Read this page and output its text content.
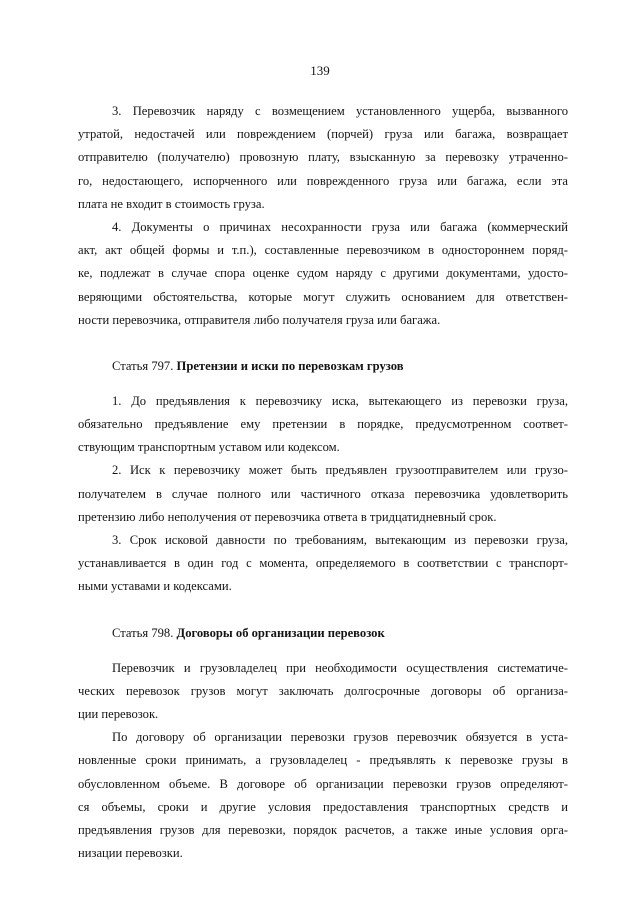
139
3. Перевозчик наряду с возмещением установленного ущерба, вызванного
утратой, недостачей или повреждением (порчей) груза или багажа, возвращает
отправителю (получателю) провозную плату, взысканную за перевозку утраченно-
го, недостающего, испорченного или поврежденного груза или багажа, если эта
плата не входит в стоимость груза.
4. Документы о причинах несохранности груза или багажа (коммерческий
акт, акт общей формы и т.п.), составленные перевозчиком в одностороннем поряд-
ке, подлежат в случае спора оценке судом наряду с другими документами, удосто-
веряющими обстоятельства, которые могут служить основанием для ответствен-
ности перевозчика, отправителя либо получателя груза или багажа.
Статья 797. Претензии и иски по перевозкам грузов
1. До предъявления к перевозчику иска, вытекающего из перевозки груза,
обязательно предъявление ему претензии в порядке, предусмотренном соответ-
ствующим транспортным уставом или кодексом.
2. Иск к перевозчику может быть предъявлен грузоотправителем или грузо-
получателем в случае полного или частичного отказа перевозчика удовлетворить
претензию либо неполучения от перевозчика ответа в тридцатидневный срок.
3. Срок исковой давности по требованиям, вытекающим из перевозки груза,
устанавливается в один год с момента, определяемого в соответствии с транспорт-
ными уставами и кодексами.
Статья 798. Договоры об организации перевозок
Перевозчик и грузовладелец при необходимости осуществления систематиче-
ческих перевозок грузов могут заключать долгосрочные договоры об организа-
ции перевозок.
По договору об организации перевозки грузов перевозчик обязуется в уста-
новленные сроки принимать, а грузовладелец - предъявлять к перевозке грузы в
обусловленном объеме. В договоре об организации перевозки грузов определяют-
ся объемы, сроки и другие условия предоставления транспортных средств и
предъявления грузов для перевозки, порядок расчетов, а также иные условия орга-
низации перевозки.
